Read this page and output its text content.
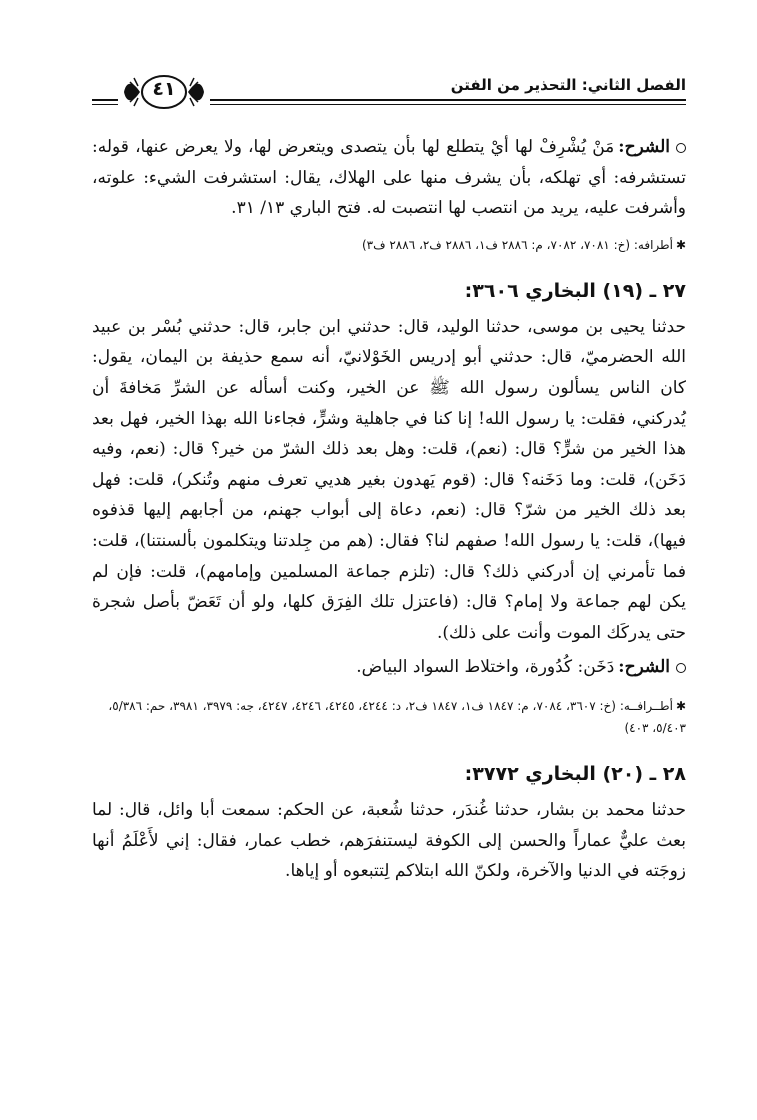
٤١	الفصل الثاني: التحذير من الفتن

الشرح:مَنْ يُشْرِفْ لها أيْ يتطلع لها بأن يتصدى ويتعرض لها، ولا يعرض عنها، قوله: تستشرفه: أي تهلكه، بأن يشرف منها على الهلاك، يقال: استشرفت الشيء: علوته، وأشرفت عليه، يريد من انتصب لها انتصبت له. فتح الباري ١٣/ ٣١.

✱أطرافه: (خ: ٧٠٨١، ٧٠٨٢، م: ٢٨٨٦ ف١، ٢٨٨٦ ف٢، ٢٨٨٦ ف٣)

٢٧ ـ (١٩) البخاري ٣٦٠٦:

حدثنا يحيى بن موسى، حدثنا الوليد، قال: حدثني ابن جابر، قال: حدثني بُسْر بن عبيد الله الحضرميّ، قال: حدثني أبو إدريس الخَوْلانيّ، أنه سمع حذيفة بن اليمان، يقول: كان الناس يسألون رسول الله ﷺ عن الخير، وكنت أسأله عن الشرِّ مَخافةَ أن يُدركني، فقلت: يا رسول الله! إنا كنا في جاهلية وشرٍّ، فجاءنا الله بهذا الخير، فهل بعد هذا الخير من شرٍّ؟ قال: (نعم)، قلت: وهل بعد ذلك الشرّ من خير؟ قال: (نعم، وفيه دَخَن)، قلت: وما دَخَنه؟ قال: (قوم يَهدون بغير هديي تعرف منهم وتُنكر)، قلت: فهل بعد ذلك الخير من شرّ؟ قال: (نعم، دعاة إلى أبواب جهنم، من أجابهم إليها قذفوه فيها)، قلت: يا رسول الله! صفهم لنا؟ فقال: (هم من جِلدتنا ويتكلمون بألسنتنا)، قلت: فما تأمرني إن أدركني ذلك؟ قال: (تلزم جماعة المسلمين وإمامهم)، قلت: فإن لم يكن لهم جماعة ولا إمام؟ قال: (فاعتزل تلك الفِرَق كلها، ولو أن تَعَضّ بأصل شجرة حتى يدركَك الموت وأنت على ذلك).

الشرح:دَخَن: كُدُورة، واختلاط السواد البياض.

✱أطــرافــه: (خ: ٣٦٠٧، ٧٠٨٤، م: ١٨٤٧ ف١، ١٨٤٧ ف٢، د: ٤٢٤٤، ٤٢٤٥، ٤٢٤٦، ٤٢٤٧، جه: ٣٩٧٩، ٣٩٨١، حم: ٥/٣٨٦، ٥/٤٠٣، ٤٠٣)

٢٨ ـ (٢٠) البخاري ٣٧٧٢:

حدثنا محمد بن بشار، حدثنا غُندَر، حدثنا شُعبة، عن الحكم: سمعت أبا وائل، قال: لما بعث عليٌّ عماراً والحسن إلى الكوفة ليستنفرَهم، خطب عمار، فقال: إني لأَعْلَمُ أنها زوجَته في الدنيا والآخرة، ولكنّ الله ابتلاكم لِتتبعوه أو إياها.
